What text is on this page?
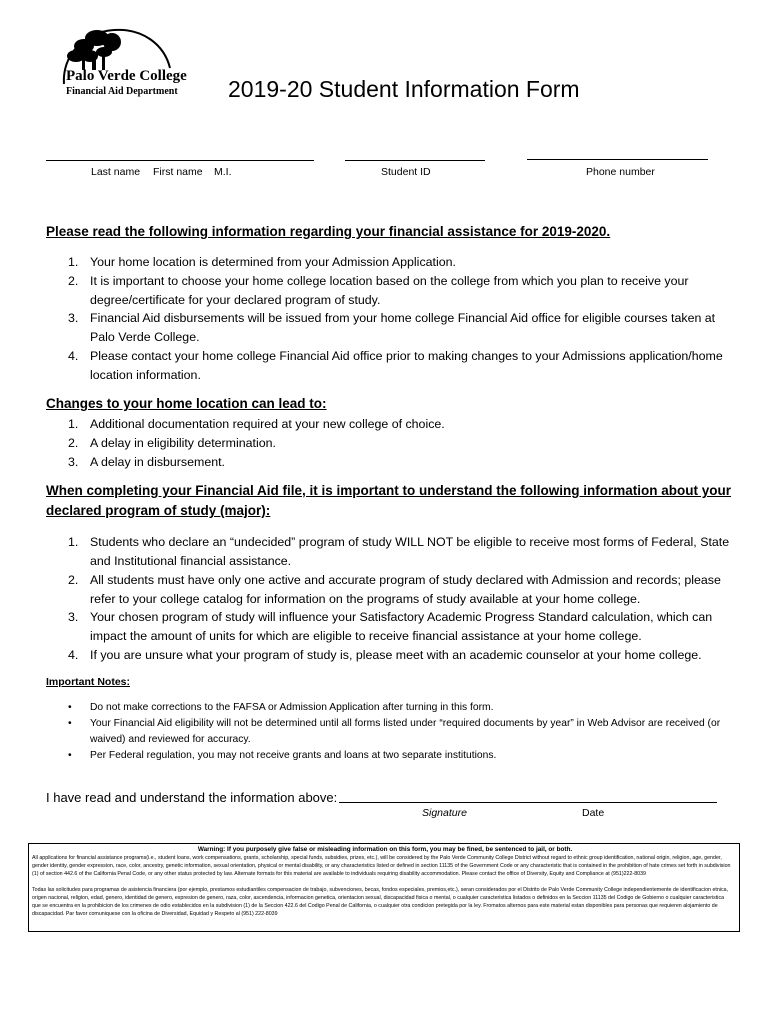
Palo Verde College
Financial Aid Department 2019-20 Student Information Form
Last name First name M.I.	Student ID	Phone number
Please read the following information regarding your financial assistance for 2019-2020.
1. Your home location is determined from your Admission Application.
2. It is important to choose your home college location based on the college from which you plan to receive your degree/certificate for your declared program of study.
3. Financial Aid disbursements will be issued from your home college Financial Aid office for eligible courses taken at Palo Verde College.
4. Please contact your home college Financial Aid office prior to making changes to your Admissions application/home location information.
Changes to your home location can lead to:
1. Additional documentation required at your new college of choice.
2. A delay in eligibility determination.
3. A delay in disbursement.
When completing your Financial Aid file, it is important to understand the following information about your
declared program of study (major):
1. Students who declare an “undecided” program of study WILL NOT be eligible to receive most forms of Federal, State and Institutional financial assistance.
2. All students must have only one active and accurate program of study declared with Admission and records; please refer to your college catalog for information on the programs of study available at your home college.
3. Your chosen program of study will influence your Satisfactory Academic Progress Standard calculation, which can impact the amount of units for which are eligible to receive financial assistance at your home college.
4. If you are unsure what your program of study is, please meet with an academic counselor at your home college.
Important Notes:
• Do not make corrections to the FAFSA or Admission Application after turning in this form.
• Your Financial Aid eligibility will not be determined until all forms listed under “required documents by year” in Web Advisor are received (or waived) and reviewed for accuracy.
• Per Federal regulation, you may not receive grants and loans at two separate institutions.
I have read and understand the information above:
Signature	Date
Warning: If you purposely give false or misleading information on this form, you may be fined, be sentenced to jail, or both.
All applications for financial assistance programs(i.e., student loans, work compensations, grants, scholarship, special funds, subsidies, prizes, etc.), will be considered by the Palo Verde Community College District without regard to ethnic group identification, national origin, religion, age, gender, gender identity, gender expression, race, color, ancestry, genetic information, sexual orientation, physical or mental disability, or any characteristics listed or defined in section 11135 of the Government Code or any characteristic that is contained in the prohibition of hate crimes set forth in subdivision (1) of section 442.6 of the California Penal Code, or any other status protected by law. Alternate formats for this material are available to individuals requiring disability accommodation. Please contact the office of Diversity, Equity and Compliance at (951)222-8039
Todas las solicitudes para programas de asistencia financiera (por ejemplo, prestamos estudiantiles compensacion de trabajo, subvenciones, becas, fondos especiales, premios,etc.), seran considerados por el Distrito de Palo Verde Community College independientemente de identificacion etnica, origen nacional, religion, edad, genero, identidad de genero, expresion de genero, raza, color, ascendencia, informacion genetica, orientacion sexual, discapacidad fisica o mental, o cualquier caracteristica listados o definidos en la Seccion 11135 del Codigo de Gobierno o cualquier caracteristica que se encuentra en la prohibicion de los crimenes de odio establecidos en la subdivision (1) de la Seccion 422.6 del Codigo Penal de California, o cualquier otra condicion pretegida por la ley. Fromatos alternos para este material estan disponibles para personas que requieren alojamiento de discapacidad. Par favor comuniquese con la oficina de Diversidad, Equidad y Respeto al (951) 222-8039
